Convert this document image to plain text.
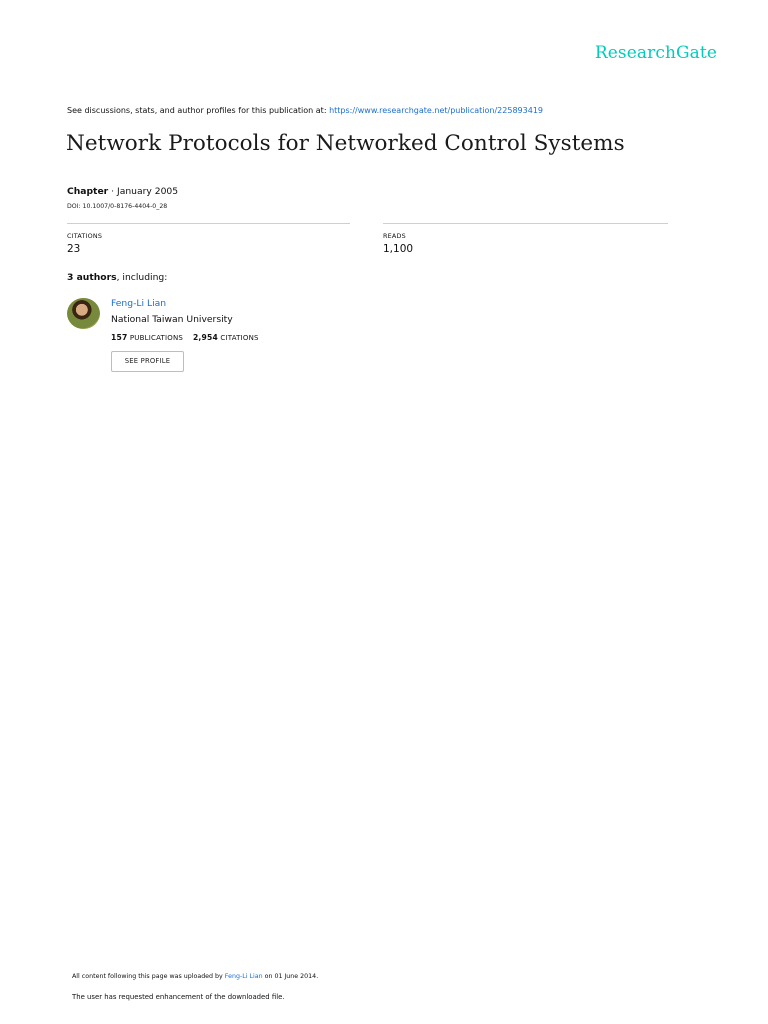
ResearchGate
See discussions, stats, and author profiles for this publication at: https://www.researchgate.net/publication/225893419
Network Protocols for Networked Control Systems
Chapter · January 2005
DOI: 10.1007/0-8176-4404-0_28
CITATIONS
23
READS
1,100
3 authors, including:
Feng-Li Lian
National Taiwan University
157 PUBLICATIONS 2,954 CITATIONS
SEE PROFILE
All content following this page was uploaded by Feng-Li Lian on 01 June 2014.
The user has requested enhancement of the downloaded file.
